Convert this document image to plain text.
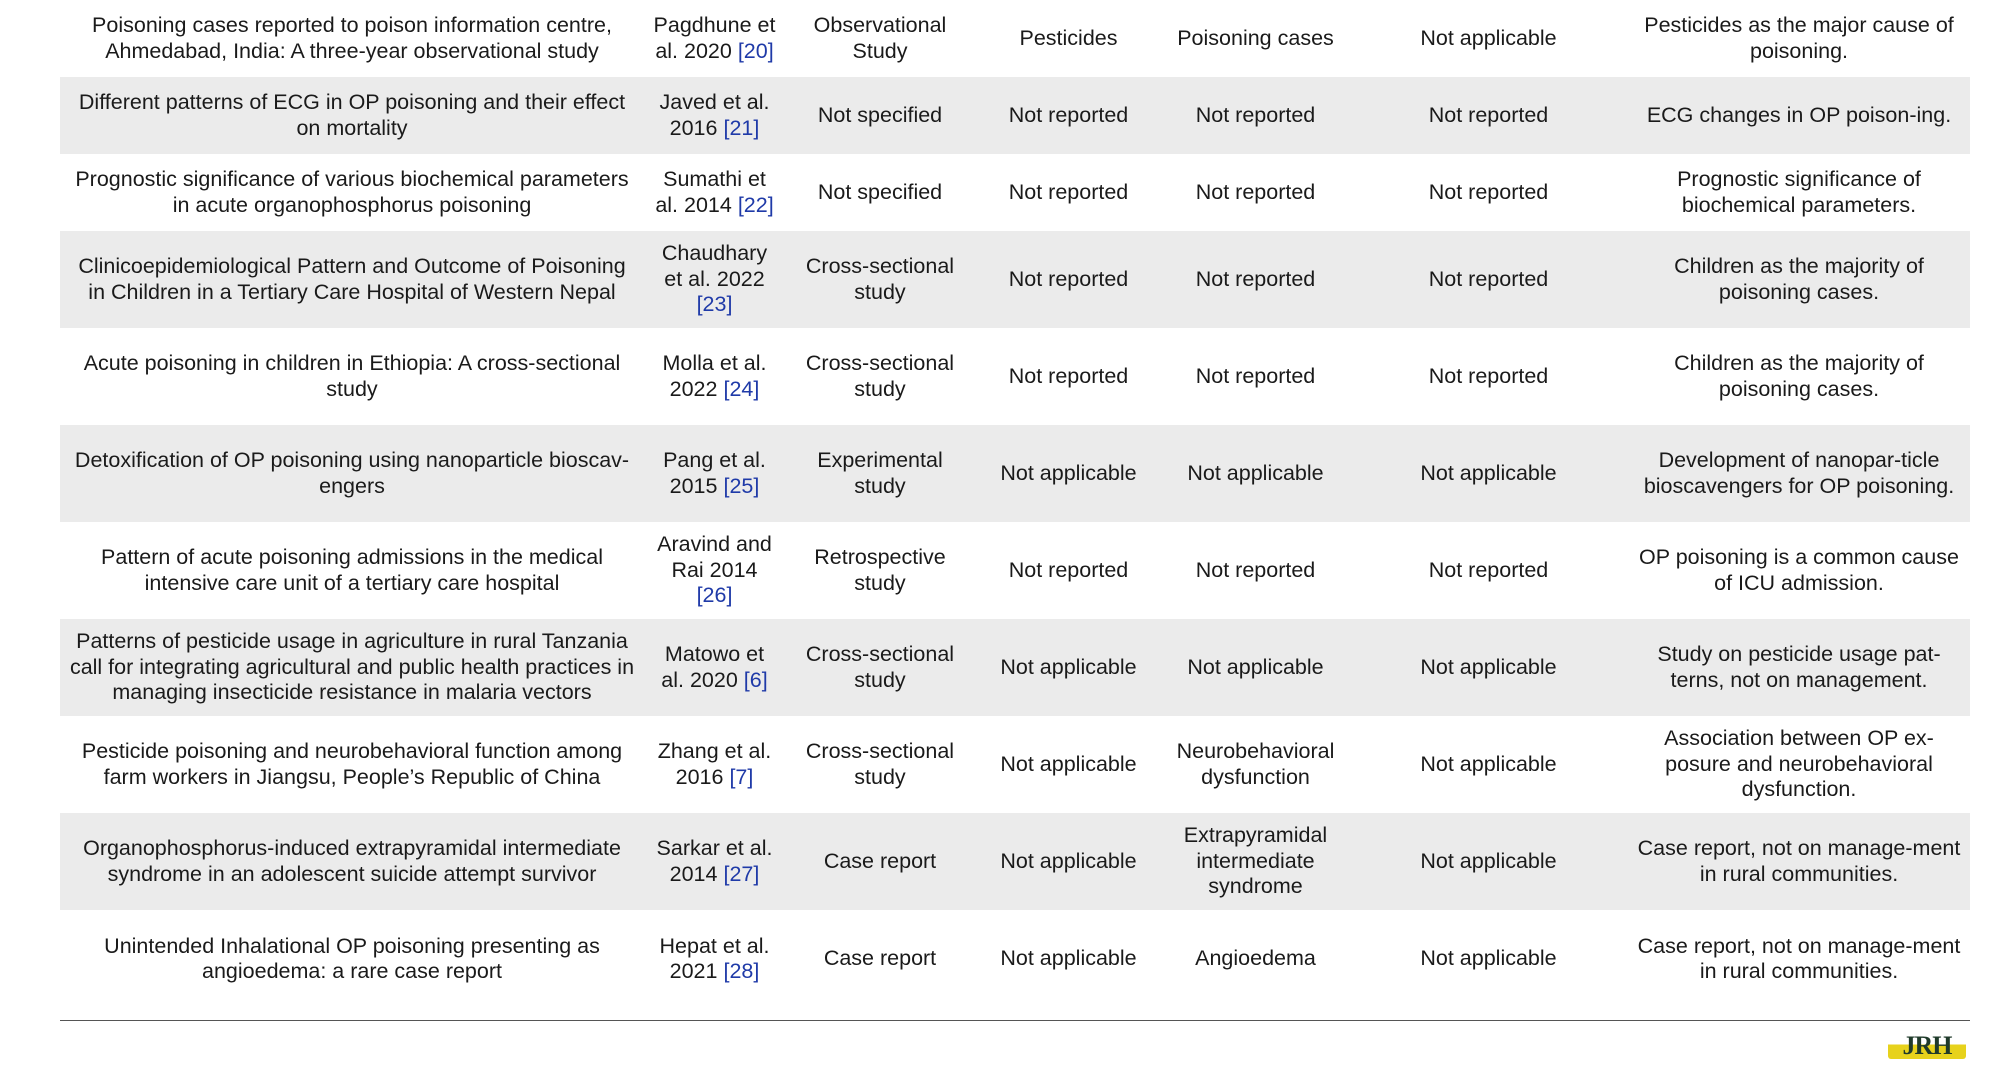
Poisoning cases reported to poison information centre, Ahmedabad, India: A three-year observational study	Pagdhune et al. 2020 [20]	Observational Study	Pesticides	Poisoning cases	Not applicable	Pesticides as the major cause of poisoning.
Different patterns of ECG in OP poisoning and their effect on mortality	Javed et al. 2016 [21]	Not specified	Not reported	Not reported	Not reported	ECG changes in OP poison-ing.
Prognostic significance of various biochemical parameters in acute organophosphorus poisoning	Sumathi et al. 2014 [22]	Not specified	Not reported	Not reported	Not reported	Prognostic significance of biochemical parameters.
Clinicoepidemiological Pattern and Outcome of Poisoning in Children in a Tertiary Care Hospital of Western Nepal	Chaudhary et al. 2022 [23]	Cross-sectional study	Not reported	Not reported	Not reported	Children as the majority of poisoning cases.
Acute poisoning in children in Ethiopia: A cross-sectional study	Molla et al. 2022 [24]	Cross-sectional study	Not reported	Not reported	Not reported	Children as the majority of poisoning cases.
Detoxification of OP poisoning using nanoparticle bioscav-engers	Pang et al. 2015 [25]	Experimental study	Not applicable	Not applicable	Not applicable	Development of nanopar-ticle bioscavengers for OP poisoning.
Pattern of acute poisoning admissions in the medical intensive care unit of a tertiary care hospital	Aravind and Rai 2014 [26]	Retrospective study	Not reported	Not reported	Not reported	OP poisoning is a common cause of ICU admission.
Patterns of pesticide usage in agriculture in rural Tanzania call for integrating agricultural and public health practices in managing insecticide resistance in malaria vectors	Matowo et al. 2020 [6]	Cross-sectional study	Not applicable	Not applicable	Not applicable	Study on pesticide usage pat-terns, not on management.
Pesticide poisoning and neurobehavioral function among farm workers in Jiangsu, People’s Republic of China	Zhang et al. 2016 [7]	Cross-sectional study	Not applicable	Neurobehavioral dysfunction	Not applicable	Association between OP ex-posure and neurobehavioral dysfunction.
Organophosphorus-induced extrapyramidal intermediate syndrome in an adolescent suicide attempt survivor	Sarkar et al. 2014 [27]	Case report	Not applicable	Extrapyramidal intermediate syndrome	Not applicable	Case report, not on manage-ment in rural communities.
Unintended Inhalational OP poisoning presenting as angioedema: a rare case report	Hepat et al. 2021 [28]	Case report	Not applicable	Angioedema	Not applicable	Case report, not on manage-ment in rural communities.
JRH
